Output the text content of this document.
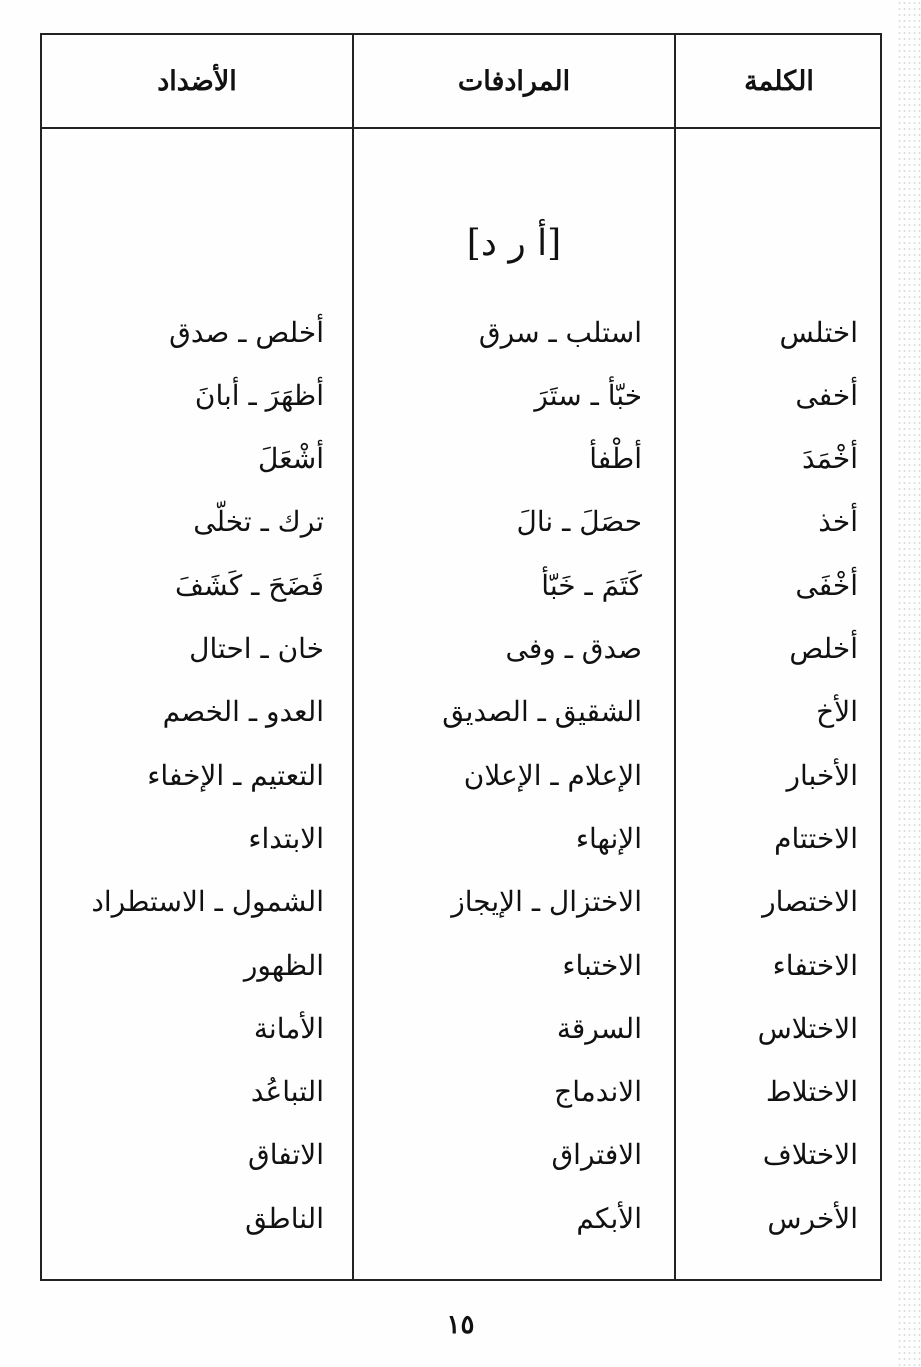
الكلمة
المرادفات
الأضداد
[أ ر د]
اختلس
استلب ـ سرق
أخلص ـ صدق
أخفى
خبّأ ـ ستَرَ
أظهَرَ ـ أبانَ
أخْمَدَ
أطْفأ
أشْعَلَ
أخذ
حصَلَ ـ نالَ
ترك ـ تخلّى
أخْفَى
كَتَمَ ـ خَبّأ
فَضَحَ ـ كَشَفَ
أخلص
صدق ـ وفى
خان ـ احتال
الأخ
الشقيق ـ الصديق
العدو ـ الخصم
الأخبار
الإعلام ـ الإعلان
التعتيم ـ الإخفاء
الاختتام
الإنهاء
الابتداء
الاختصار
الاختزال ـ الإيجاز
الشمول ـ الاستطراد
الاختفاء
الاختباء
الظهور
الاختلاس
السرقة
الأمانة
الاختلاط
الاندماج
التباعُد
الاختلاف
الافتراق
الاتفاق
الأخرس
الأبكم
الناطق
١٥
